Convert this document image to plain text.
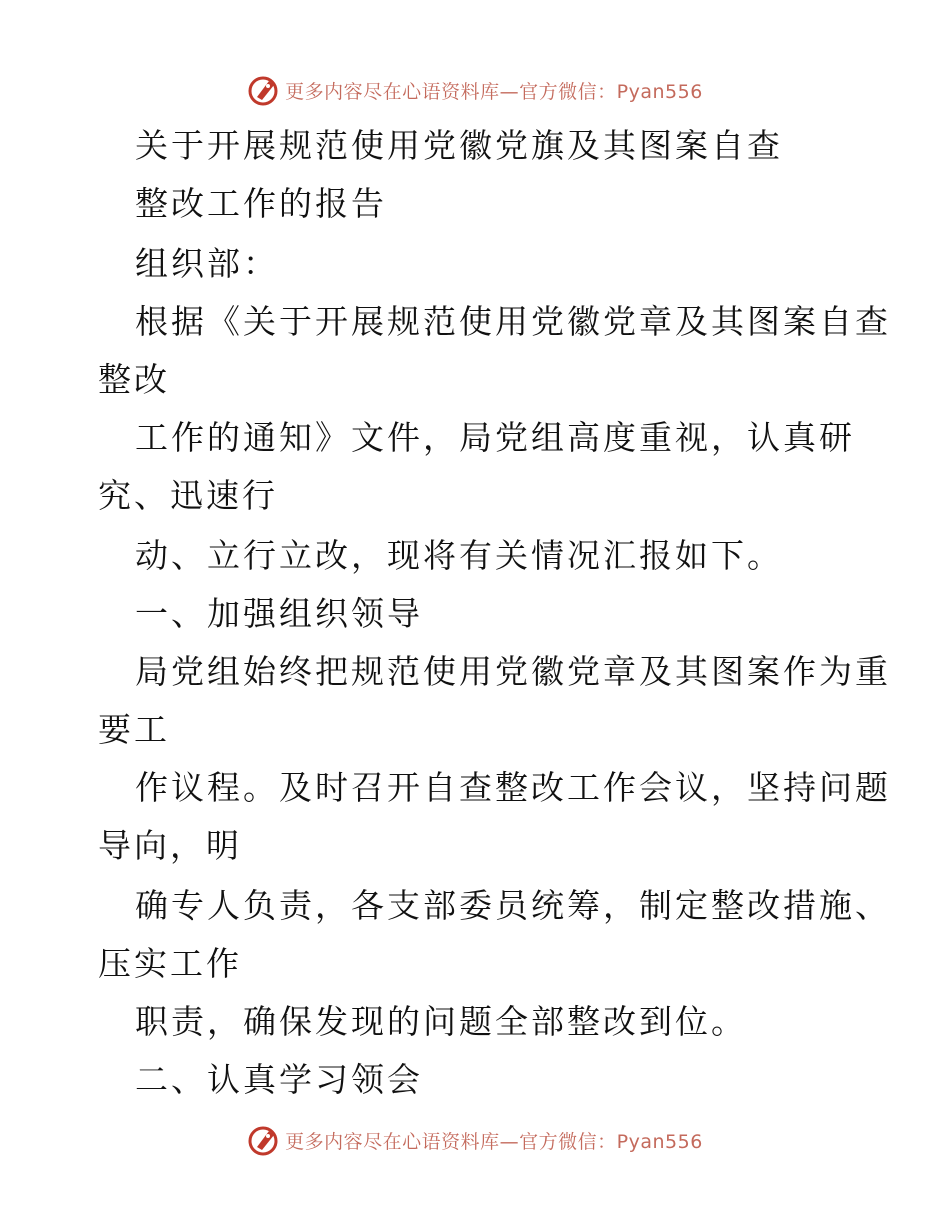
更多内容尽在心语资料库—官方微信：Pyan556
关于开展规范使用党徽党旗及其图案自查
整改工作的报告
组织部：
根据《关于开展规范使用党徽党章及其图案自查
整改
工作的通知》文件，局党组高度重视，认真研
究、迅速行
动、立行立改，现将有关情况汇报如下。
一、加强组织领导
局党组始终把规范使用党徽党章及其图案作为重
要工
作议程。及时召开自查整改工作会议，坚持问题
导向，明
确专人负责，各支部委员统筹，制定整改措施、
压实工作
职责，确保发现的问题全部整改到位。
二、认真学习领会
更多内容尽在心语资料库—官方微信：Pyan556
